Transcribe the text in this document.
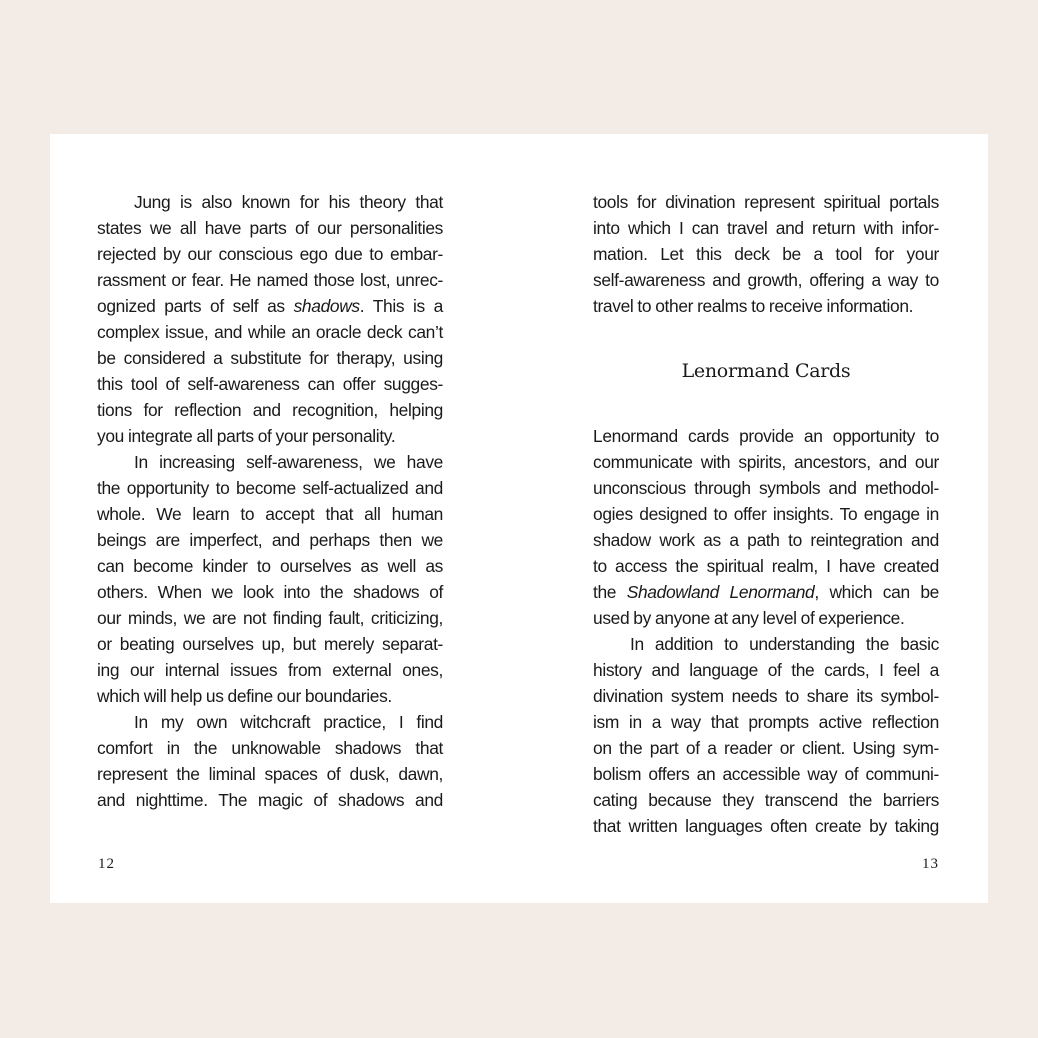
Jung is also known for his theory that
states we all have parts of our personalities
rejected by our conscious ego due to embar-
rassment or fear. He named those lost, unrec-
ognized parts of self as shadows. This is a
complex issue, and while an oracle deck can’t
be considered a substitute for therapy, using
this tool of self-awareness can offer sugges-
tions for reflection and recognition, helping
you integrate all parts of your personality.
In increasing self-awareness, we have
the opportunity to become self-actualized and
whole. We learn to accept that all human
beings are imperfect, and perhaps then we
can become kinder to ourselves as well as
others. When we look into the shadows of
our minds, we are not finding fault, criticizing,
or beating ourselves up, but merely separat-
ing our internal issues from external ones,
which will help us define our boundaries.
In my own witchcraft practice, I find
comfort in the unknowable shadows that
represent the liminal spaces of dusk, dawn,
and nighttime. The magic of shadows and
tools for divination represent spiritual portals
into which I can travel and return with infor-
mation. Let this deck be a tool for your
self-awareness and growth, offering a way to
travel to other realms to receive information.
Lenormand Cards
Lenormand cards provide an opportunity to
communicate with spirits, ancestors, and our
unconscious through symbols and methodol-
ogies designed to offer insights. To engage in
shadow work as a path to reintegration and
to access the spiritual realm, I have created
the Shadowland Lenormand, which can be
used by anyone at any level of experience.
In addition to understanding the basic
history and language of the cards, I feel a
divination system needs to share its symbol-
ism in a way that prompts active reflection
on the part of a reader or client. Using sym-
bolism offers an accessible way of communi-
cating because they transcend the barriers
that written languages often create by taking
12	13
